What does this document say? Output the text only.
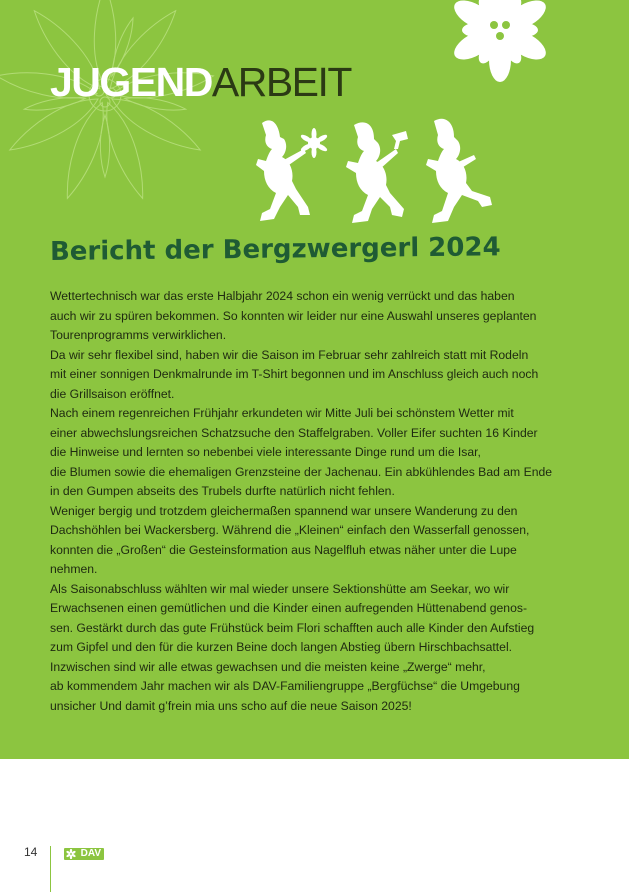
JUGENDARBEIT
Bericht der Bergzwergerl 2024
Wettertechnisch war das erste Halbjahr 2024 schon ein wenig verrückt und das haben
auch wir zu spüren bekommen. So konnten wir leider nur eine Auswahl unseres geplanten
Tourenprogramms verwirklichen.
Da wir sehr flexibel sind, haben wir die Saison im Februar sehr zahlreich statt mit Rodeln
mit einer sonnigen Denkmalrunde im T-Shirt begonnen und im Anschluss gleich auch noch
die Grillsaison eröffnet.
Nach einem regenreichen Frühjahr erkundeten wir Mitte Juli bei schönstem Wetter mit
einer abwechslungsreichen Schatzsuche den Staffelgraben. Voller Eifer suchten 16 Kinder
die Hinweise und lernten so nebenbei viele interessante Dinge rund um die Isar,
die Blumen sowie die ehemaligen Grenzsteine der Jachenau. Ein abkühlendes Bad am Ende
in den Gumpen abseits des Trubels durfte natürlich nicht fehlen.
Weniger bergig und trotzdem gleichermaßen spannend war unsere Wanderung zu den
Dachshöhlen bei Wackersberg. Während die „Kleinen“ einfach den Wasserfall genossen,
konnten die „Großen“ die Gesteinsformation aus Nagelfluh etwas näher unter die Lupe
nehmen.
Als Saisonabschluss wählten wir mal wieder unsere Sektionshütte am Seekar, wo wir
Erwachsenen einen gemütlichen und die Kinder einen aufregenden Hüttenabend genos-
sen. Gestärkt durch das gute Frühstück beim Flori schafften auch alle Kinder den Aufstieg
zum Gipfel und den für die kurzen Beine doch langen Abstieg übern Hirschbachsattel.
Inzwischen sind wir alle etwas gewachsen und die meisten keine „Zwerge“ mehr,
ab kommendem Jahr machen wir als DAV-Familiengruppe „Bergfüchse“ die Umgebung
unsicher Und damit g’frein mia uns scho auf die neue Saison 2025!
14	DAV
